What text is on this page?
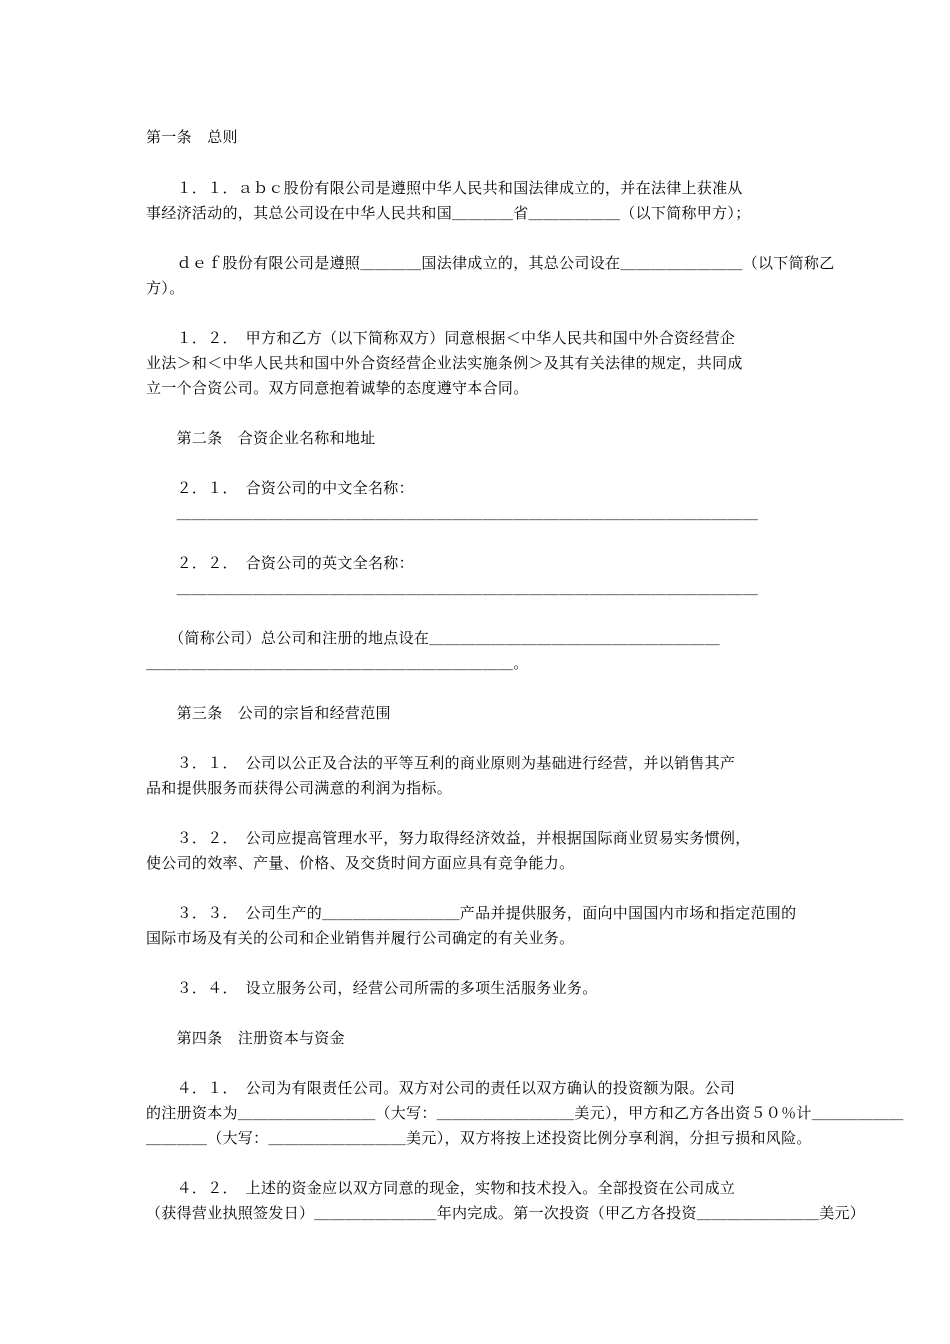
第一条　总则
　　１．１．ａｂｃ股份有限公司是遵照中华人民共和国法律成立的，并在法律上获准从
事经济活动的，其总公司设在中华人民共和国＿＿＿＿省＿＿＿＿＿＿（以下简称甲方）；
　　ｄｅｆ股份有限公司是遵照＿＿＿＿国法律成立的，其总公司设在＿＿＿＿＿＿＿＿（以下简称乙
方）。
　　１．２．　甲方和乙方（以下简称双方）同意根据＜中华人民共和国中外合资经营企
业法＞和＜中华人民共和国中外合资经营企业法实施条例＞及其有关法律的规定，共同成
立一个合资公司。双方同意抱着诚挚的态度遵守本合同。
　　第二条　合资企业名称和地址
　　２．１．　合资公司的中文全名称：
　　＿＿＿＿＿＿＿＿＿＿＿＿＿＿＿＿＿＿＿＿＿＿＿＿＿＿＿＿＿＿＿＿＿＿＿＿＿＿
　　２．２．　合资公司的英文全名称：
　　＿＿＿＿＿＿＿＿＿＿＿＿＿＿＿＿＿＿＿＿＿＿＿＿＿＿＿＿＿＿＿＿＿＿＿＿＿＿
　　（简称公司）总公司和注册的地点设在＿＿＿＿＿＿＿＿＿＿＿＿＿＿＿＿＿＿＿
＿＿＿＿＿＿＿＿＿＿＿＿＿＿＿＿＿＿＿＿＿＿＿＿。
　　第三条　公司的宗旨和经营范围
　　３．１．　公司以公正及合法的平等互利的商业原则为基础进行经营，并以销售其产
品和提供服务而获得公司满意的利润为指标。
　　３．２．　公司应提高管理水平，努力取得经济效益，并根据国际商业贸易实务惯例，
使公司的效率、产量、价格、及交货时间方面应具有竞争能力。
　　３．３．　公司生产的＿＿＿＿＿＿＿＿＿产品并提供服务，面向中国国内市场和指定范围的
国际市场及有关的公司和企业销售并履行公司确定的有关业务。
　　３．４．　设立服务公司，经营公司所需的多项生活服务业务。
　　第四条　注册资本与资金
　　４．１．　公司为有限责任公司。双方对公司的责任以双方确认的投资额为限。公司
的注册资本为＿＿＿＿＿＿＿＿＿（大写：＿＿＿＿＿＿＿＿＿美元），甲方和乙方各出资５０％计＿＿＿＿＿＿
＿＿＿＿（大写：＿＿＿＿＿＿＿＿＿美元），双方将按上述投资比例分享利润，分担亏损和风险。
　　４．２．　上述的资金应以双方同意的现金，实物和技术投入。全部投资在公司成立
（获得营业执照签发日）＿＿＿＿＿＿＿＿年内完成。第一次投资（甲乙方各投资＿＿＿＿＿＿＿＿美元）
